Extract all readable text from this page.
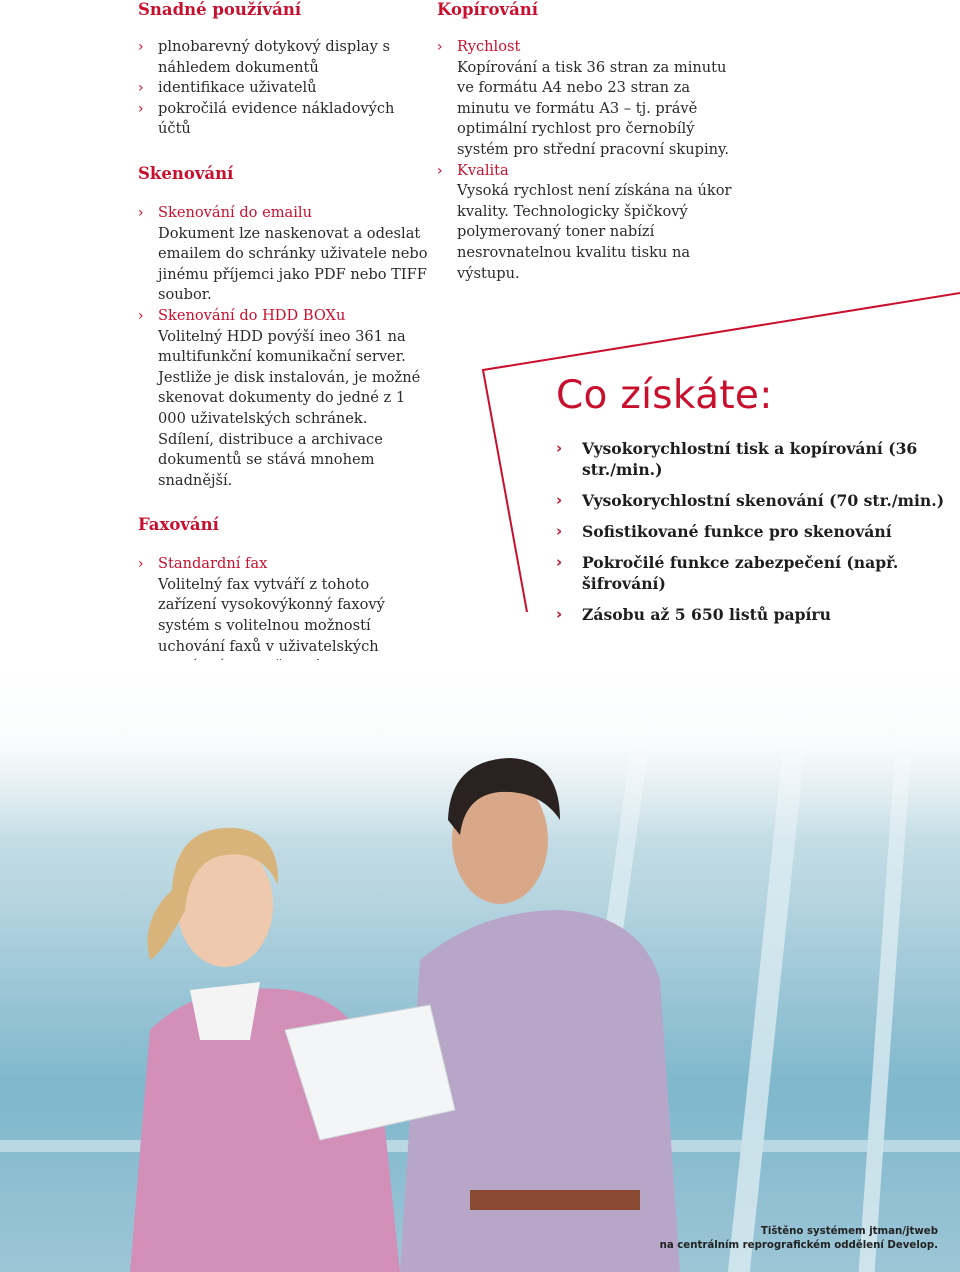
Snadné používání
› plnobarevný dotykový display s náhledem dokumentů
› identifikace uživatelů
› pokročilá evidence nákladových účtů
Skenování
› Skenování do emailu
Dokument lze naskenovat a odeslat emailem do schránky uživatele nebo jinému příjemci jako PDF nebo TIFF soubor.
› Skenování do HDD BOXu
Volitelný HDD povýší ineo 361 na multifunkční komunikační server. Jestliže je disk instalován, je možné skenovat dokumenty do jedné z 1 000 uživatelských schránek. Sdílení, distribuce a archivace dokumentů se stává mnohem snadnější.
Faxování
› Standardní fax
Volitelný fax vytváří z tohoto zařízení vysokovýkonný faxový systém s volitelnou možností uchování faxů v uživatelských
Kopírování
› Rychlost
Kopírování a tisk 36 stran za minutu ve formátu A4 nebo 23 stran za minutu ve formátu A3 – tj. právě optimální rychlost pro černobílý systém pro střední pracovní skupiny.
› Kvalita
Vysoká rychlost není získána na úkor kvality. Technologicky špičkový polymerovaný toner nabízí nesrovnatelnou kvalitu tisku na výstupu.
Co získáte:
› Vysokorychlostní tisk a kopírování (36 str./min.)
› Vysokorychlostní skenování (70 str./min.)
› Sofistikované funkce pro skenování
› Pokročilé funkce zabezpečení (např. šifrování)
› Zásobu až 5 650 listů papíru
Tištěno systémem jtman/jtweb
na centrálním reprografickém oddělení Develop.
